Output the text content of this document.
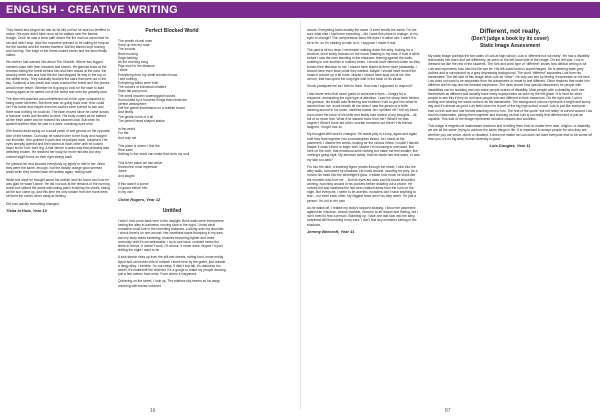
ENGLISH - CREATIVE WRITING

They licked and singed his hair as he slid out but he was too terrified to notice. His eyes didn’t blink once as he walked over the flames, though. Once he saw a clear path where the fire had not consumed he ran and didn’t stop. Now the monsters seemed to be calling for help as the fire swirled and the breeze traveled. But the flames kept running and running. The edge of the forest looked closer and the fawn finally halted.

His mother had warned him about The Outside. Where two legged humans roam with their shooters and stones. He glanced back at the redness eating the forest behind him and then ahead at the hard, the smokey smell was and how the fire had stopped its way to the top of the tallest trees. They basically touched the stars that were out in the sky. Suddenly a low creak and crack cracked the forest as if the planes would never return. Whether he is going to look for the fawn to start moving again at he darted out of the forest and onto the gravelly land.

The fawn felt watched and unsheltered out in the open compared to being under tall trees. But there was no going back now. How could he? His home and maybe even his mother were burned to ash and there was nothing he could do. The fawn moved since he came across a humans’ creek and decided to drink. His body cooled as he bathed all the fresh water and he relaxed his caramel coat. But when he spotted another fawn he saw in a daze, sneaking eyes shut.

She looked dead laying on a small patch of soft ground on the opposite side of the stream. Curiously he walked over to her body and nudged her shoulder. She grunted in pain and he jumped back, surprised. Her eyes sleepily opened and then stared at each other until he looked down at her hurt, front leg. A hair before a weird way that probably was definitely broken. He reached her body for more minutes but only noticed slight burns on their right sleepy back.

He pitched her and showed everybody up tightly to met in her. Were they were the same, enough. Not the deadly orange glow seemed small while they hurried fawn fell asleep again, feeling safe.

While she slept he thought about his mother and his home and how he was glad he wasn’t alone. He did not look at the remains of the burning forest but rubbed the same welcoming patch brushing his cheek, hiding as the sun came up, just this time the only smoke from the burnt trees hit them the colors never away to destiny.

Did now quickly everything changed.

Tisha la Hula, Year 10
Perfect Blocked World
The smells of real ones
Seep up into my nose
The sounds
Bees buzzing
Dogs barking
All the morning song
Pigs snort in the distance
I smile
Everything from my small wooden house
I see nothing
Everything within were built
The colours of individual chatters
Stare tall and proud
The smell wooden waterlogged houses
Surrounded by a hundred things that create the
perfect atmosphere
Get the gentle thumbtacks on a bulletin board
And finally
The gentle curve of it all
The perfect heart shaped statue

In the world
For the
And only me

This place is where I feel the
Real calm
Nothing in the world can make that hurts my soul

This is the place we can arrive
Shared the most impresser
Jokes
And laughs

If this wasn’t a scene
I’d guard before him
In my own
Chloe Rogers, Year 12
Untitled

I wish I had come back here in the daylight. Brick walls were everywhere lurking the alley in darkness, moving slow in the night. I know what monsters could lurk in the unending shadows. Looking over my shoulder, I check there’s no one around. Her heartbeat starts thumping in my ears and my body starts trembling, muscles becoming tighter and more anxiously until it’s uncomfortable. I try to see back, contract below the limbs to freeze. It doesn’t work. Of course. It never does. Maybe I’m just feeling the night I want to be.

A sick stench rises up from the still wet streets, rotting food, some moldy liquid and old broken bits of rubbish I smell here by the gutter, just outside a dingy alley. I tremble. I’m not ready. It didn’t lost fall, it’s darkness too sweet, it’s makeshift fire cheerful. It’s a gouge to make my people dancing just a few metres from mine. From where it happened.

Quivering on the street, I look up. The starless sky seems so far away, churning with bruise-coloured

clouds. Everything looks exactly the same. It even smells the same. I’m not sure what else I had been expecting – did I want this place to change, or my eyes to change? The overpressure blurs the eyes I’d rather see. I want it to be to fix, so I’m starting to hate on it. I suppose I made it real.

The past is all too clear. I remember walking down the alley, looking for a shortcut, mind solely focused on the music blasting in my ears. It took a while before I saw the man standing in the shadows, leaning against the walls, chatting to one another in hushed tones. I should have listened closer as they turned their attention to me. I should have stared at them more pleasantly. I should have even flown what they wanted. Maybe I should have turned the music’s volume up a bit more. Maybe I should have spat out at me, like venom, that had opted the long light wait in the back of his throat.

Shock paralysed me as I tried to think. How was I supposed to respond?

I had never seen that much greed in someone’s eyes – hungry for a response, demanding the right type of attention. I saw his sharp teeth behind his grimace, his breath was flickering and realised I had to give him what he wanted from me, scoot-breath hit me when I saw the gleam of a knife dancing around in his loose, careless hands. As I sprinted off, I felt my blood burn under the force of his knife and finally lose control of my thoughts – all full of so much fear. What if he wanted more from me? What if he was angrier? What if there are other, cruellar monsters out there? His friends laughed. I forget how to.

My thoughts still haven’t changed. He wants play in a loop, again and again until they fade together into a meaningless strand. As I stand at the pavement, I dissect the words, looking for the vicious ethics I couldn’t handle. Maybe it wasn’t there to begin with. Maybe I’m choosing to overreact. But here on the curb, that emotional ache nothing but make me feel smaller, like nothing’s going right. My stomach twists, that his blade has real scars, or was my skin too dark?

For into the dark, a towering figure prowls through the street. I sink into the alley walls, consumed by shadows. He looks around, scouting for prey. As a moves his head into the streetlight’s glow, I realise how much he looks like the monster who hurt me… But his eyes are wide and his broad shoulders arching, hunching around in his pockets before drawing out a phone. He notices but and swallows the fact been walked away from the curb on the night. But everyone, I seem to be averted, monsters don’t have anything to fear – not even each other. My biggest fears aren’t as they seem. I’m just a person, I’m not in her own.

As he walks off, I realise my body’s stopped shaking. I know the pavement against an inhuman, vicious monster, immune to all reason and feeling, but I don’t need to fear a person. Standing up, I take one last look into the alley, heartbeat still thrumming in my ears. I don’t find any monsters lurking in the shadows.

Jeremy Beecroft, Year 11
Different, not really,
(Don’t judge a book by its cover)
Static Image Assessment

My static image portrays the two sides of Luis at high school; Luis is ‘different but not really’. He has a disability that makes him learn and act differently, as seen on the left-hand side of the image. On the left side, Luis is dressed not like the rest of the students. The font and word type of “different” shows how difficult writing is for Luis and represents how hard his life can be. His left-sided brain is supercharged. He is wearing state-grey clothes and is surrounded by a grey depressing background. The word “different” separates Luis from his classmates. The left side of this image sees Luis as “other”. He only can see by feeling it expresses on his face. Luis does not want to be separated from his classmates or made to feel different. Other features that make him different are his cap and his headset earphones. The desk shows how special classrooms for people with disabilities can be isolating and can make people scared of disability. Most people with a disability don’t see themselves as different and actually have many superpowers as seen by the left grade. It is hard for other people to see this if they do not have people who are different in their classroom. On the right side, Luis is smiling and wearing the same uniform as his classmates. The background colours represent a bright and sunny day and it’s almost as good Luis feels when he is part of the big high school crowd. Luis is just like everyone else on this side and has friends standing next to him. The rest of the quote “but not really” is curved around Luis and his classmates, joining them together and showing us that Luis is not really that different and is just as capable. This side of the image represents inclusive classes and societies.

This image is targeted at mainstream teachers and is telling them that no matter their race, religion, or disability, we are all the same, trying to achieve the same things in life. It is important to accept people for who they are, whether you are smart, dumb or disabled, it does not matter as Luis does not want everyone else to be worse off than you, it’s no big deal, human diversity is good.

Luis Douglas, Year 11
16	87
